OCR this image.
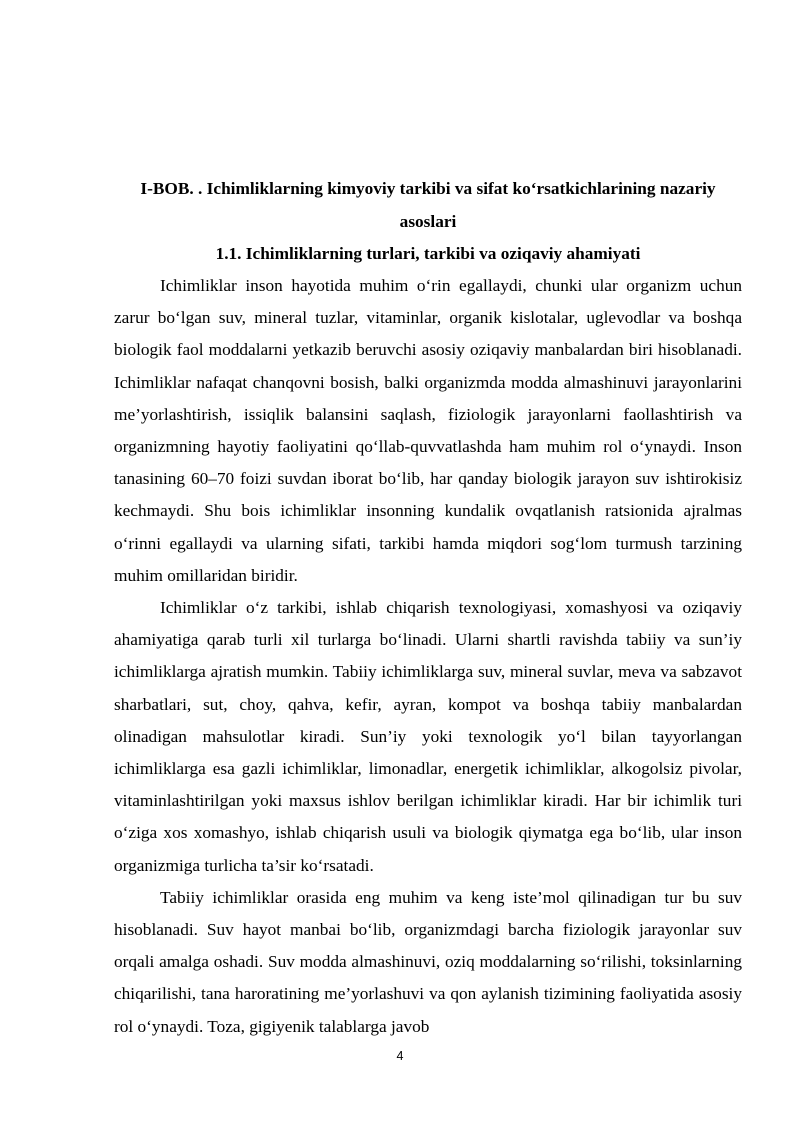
I-BOB. . Ichimliklarning kimyoviy tarkibi va sifat ko‘rsatkichlarining nazariy asoslari

1.1. Ichimliklarning turlari, tarkibi va oziqaviy ahamiyati

Ichimliklar inson hayotida muhim o‘rin egallaydi, chunki ular organizm uchun zarur bo‘lgan suv, mineral tuzlar, vitaminlar, organik kislotalar, uglevodlar va boshqa biologik faol moddalarni yetkazib beruvchi asosiy oziqaviy manbalardan biri hisoblanadi. Ichimliklar nafaqat chanqovni bosish, balki organizmda modda almashinuvi jarayonlarini me’yorlashtirish, issiqlik balansini saqlash, fiziologik jarayonlarni faollashtirish va organizmning hayotiy faoliyatini qo‘llab-quvvatlashda ham muhim rol o‘ynaydi. Inson tanasining 60–70 foizi suvdan iborat bo‘lib, har qanday biologik jarayon suv ishtirokisiz kechmaydi. Shu bois ichimliklar insonning kundalik ovqatlanish ratsionida ajralmas o‘rinni egallaydi va ularning sifati, tarkibi hamda miqdori sog‘lom turmush tarzining muhim omillaridan biridir.

Ichimliklar o‘z tarkibi, ishlab chiqarish texnologiyasi, xomashyosi va oziqaviy ahamiyatiga qarab turli xil turlarga bo‘linadi. Ularni shartli ravishda tabiiy va sun’iy ichimliklarga ajratish mumkin. Tabiiy ichimliklarga suv, mineral suvlar, meva va sabzavot sharbatlari, sut, choy, qahva, kefir, ayran, kompot va boshqa tabiiy manbalardan olinadigan mahsulotlar kiradi. Sun’iy yoki texnologik yo‘l bilan tayyorlangan ichimliklarga esa gazli ichimliklar, limonadlar, energetik ichimliklar, alkogolsiz pivolar, vitaminlashtirilgan yoki maxsus ishlov berilgan ichimliklar kiradi. Har bir ichimlik turi o‘ziga xos xomashyo, ishlab chiqarish usuli va biologik qiymatga ega bo‘lib, ular inson organizmiga turlicha ta’sir ko‘rsatadi.

Tabiiy ichimliklar orasida eng muhim va keng iste’mol qilinadigan tur bu suv hisoblanadi. Suv hayot manbai bo‘lib, organizmdagi barcha fiziologik jarayonlar suv orqali amalga oshadi. Suv modda almashinuvi, oziq moddalarning so‘rilishi, toksinlarning chiqarilishi, tana haroratining me’yorlashuvi va qon aylanish tizimining faoliyatida asosiy rol o‘ynaydi. Toza, gigiyenik talablarga javob

4
